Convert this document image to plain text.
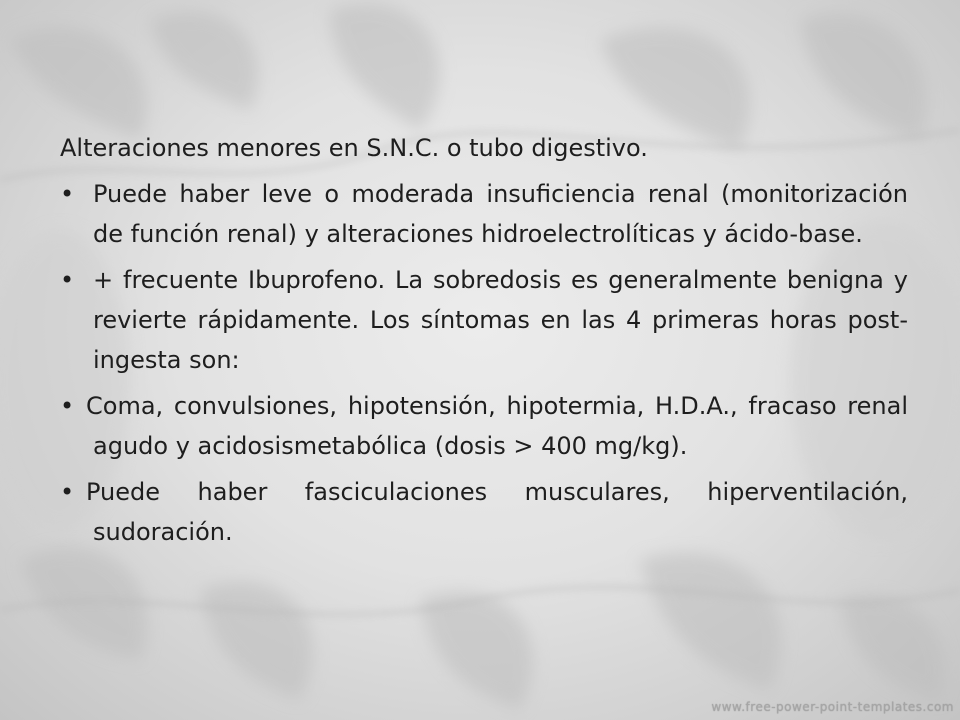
Alteraciones menores en S.N.C. o tubo digestivo.

• Puede haber leve o moderada insuficiencia renal (monitorización de función renal) y alteraciones hidroelectrolíticas y ácido-base.
• + frecuente Ibuprofeno. La sobredosis es generalmente benigna y revierte rápidamente. Los síntomas en las 4 primeras horas post-ingesta son:
• Coma, convulsiones, hipotensión, hipotermia, H.D.A., fracaso renal agudo y acidosismetabólica (dosis > 400 mg/kg).
• Puede haber fasciculaciones musculares, hiperventilación, sudoración.
www.free-power-point-templates.com
